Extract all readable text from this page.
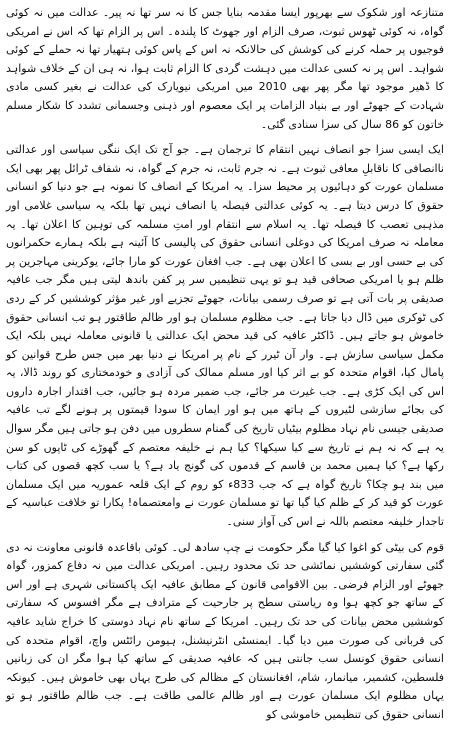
متنازعہ اور شکوک سے بھرپور ایسا مقدمہ بنایا جس کا نہ سر تھا نہ پیر۔ عدالت میں نہ کوئی گواہ، نہ کوئی ٹھوس ثبوت، صرف الزام اور جھوٹ کا پلندہ۔ اس پر الزام تھا کہ اس نے امریکی فوجیوں پر حملہ کرنے کی کوشش کی حالانکہ نہ اس کے پاس کوئی ہتھیار تھا نہ حملے کے کوئی شواہد۔ اس پر نہ کسی عدالت میں دہشت گردی کا الزام ثابت ہوا، نہ ہی ان کے خلاف شواہد کا ڈھیر موجود تھا مگر پھر بھی 2010 میں امریکی نیویارک کی عدالت نے بغیر کسی مادی شہادت کے جھوٹے اور بے بنیاد الزامات پر ایک معصوم اور ذہنی وجسمانی تشدد کا شکار مسلم خاتون کو 86 سال کی سزا سنادی گئی۔

ایک ایسی سزا جو انصاف نہیں انتقام کا ترجمان ہے۔ جو آج تک ایک ننگی سیاسی اور عدالتی ناانصافی کا ناقابلِ معافی ثبوت ہے۔ نہ جرم ثابت، نہ جرم کے گواہ، نہ شفاف ٹرائل پھر بھی ایک مسلمان عورت کو دہائیوں پر محیط سزا۔ یہ امریکا کے انصاف کا نمونہ ہے جو دنیا کو انسانی حقوق کا درس دیتا ہے۔ یہ کوئی عدالتی فیصلہ یا انصاف نہیں تھا بلکہ یہ سیاسی غلامی اور مذہبی تعصب کا فیصلہ تھا۔ یہ اسلام سے انتقام اور امتِ مسلمہ کی توہین کا اعلان تھا۔ یہ معاملہ نہ صرف امریکا کی دوغلی انسانی حقوق کی پالیسی کا آئینہ ہے بلکہ ہمارے حکمرانوں کی بے حسی اور بے بسی کا اعلان بھی ہے۔ جب افغان عورت کو مارا جائے، یوکرینی مہاجرین پر ظلم ہو یا امریکی صحافی قید ہو تو یہی تنظیمیں سر پر کفن باندھ لیتی ہیں مگر جب عافیہ صدیقی پر بات آتی ہے تو صرف رسمی بیانات، جھوٹے تجزیے اور غیر مؤثر کوششیں کر کے ردی کی ٹوکری میں ڈال دیا جاتا ہے۔ جب مظلوم مسلمان ہو اور ظالم طاقتور ہو تب انسانی حقوق خاموش ہو جاتے ہیں۔ ڈاکٹر عافیہ کی قید محض ایک عدالتی یا قانونی معاملہ نہیں بلکہ ایک مکمل سیاسی سازش ہے۔ وار آن ٹیرر کے نام پر امریکا نے دنیا بھر میں جس طرح قوانین کو پامال کیا، اقوام متحدہ کو بے اثر کیا اور مسلم ممالک کی آزادی و خودمختاری کو روند ڈالا، یہ اس کی ایک کڑی ہے۔ جب غیرت مر جائے، جب ضمیر مردہ ہو جائیں، جب اقتدار اجارہ داروں کی بجائے سازشی لٹیروں کے ہاتھ میں ہو اور ایمان کا سودا قیمتوں پر ہونے لگے تب عافیہ صدیقی جیسی نام نہاد مظلوم بیٹیاں تاریخ کی گمنام سطروں میں دفن ہو جاتی ہیں مگر سوال یہ ہے کہ نہ ہم نے تاریخ سے کیا سیکھا؟ کیا ہم نے خلیفہ معتصم کے گھوڑے کی ٹاپوں کو سن رکھا ہے؟ کیا ہمیں محمد بن قاسم کے قدموں کی گونج یاد ہے؟ یا سب کچھ قصوں کی کتاب میں بند ہو چکا؟ تاریخ گواہ ہے کہ جب 833ء کو روم کے ایک قلعہ عموریہ میں ایک مسلمان عورت کو قید کر کے ظلم کیا گیا تھا تو مسلمان عورت نے وامعتصماہ! پکارا تو خلافت عباسیہ کے تاجدار خلیفہ معتصم باللہ نے اس کی آواز سنی۔

قوم کی بیٹی کو اغوا کیا گیا مگر حکومت نے چپ سادھ لی۔ کوئی باقاعدہ قانونی معاونت نہ دی گئی سفارتی کوششیں نمائشی حد تک محدود رہیں۔ امریکی عدالت میں نہ دفاع کمزور، گواہ جھوٹے اور الزام فرضی۔ بین الاقوامی قانون کے مطابق عافیہ ایک پاکستانی شہری ہے اور اس کے ساتھ جو کچھ ہوا وہ ریاستی سطح پر جارحیت کے مترادف ہے مگر افسوس کہ سفارتی کوششیں محض بیانات کی حد تک رہیں۔ امریکا کے ساتھ نام نہاد دوستی کا خراج شاید عافیہ کی قربانی کی صورت میں دیا گیا۔ ایمنسٹی انٹرنیشنل، ہیومن رائٹس واچ، اقوام متحدہ کی انسانی حقوق کونسل سب جانتی ہیں کہ عافیہ صدیقی کے ساتھ کیا ہوا مگر ان کی زبانیں فلسطین، کشمیر، میانمار، شام، افغانستان کے مظالم کی طرح یہاں بھی خاموش ہیں۔ کیونکہ یہاں مظلوم ایک مسلمان عورت ہے اور ظالم عالمی طاقت ہے۔ جب ظالم طاقتور ہو تو انسانی حقوق کی تنظیمیں خاموشی کو
